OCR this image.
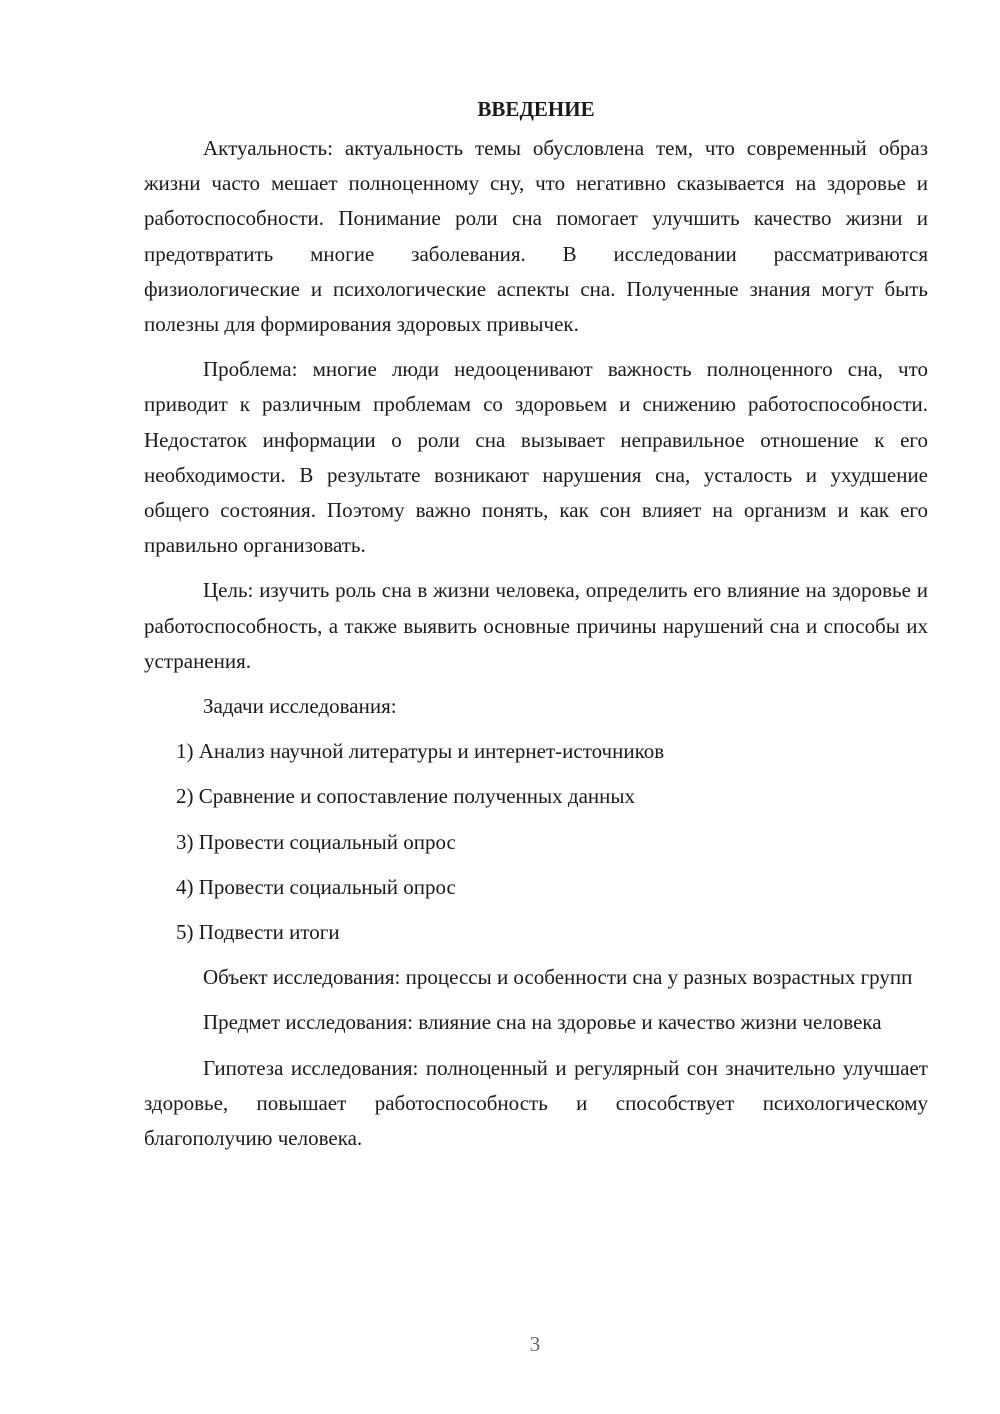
ВВЕДЕНИЕ

Актуальность: актуальность темы обусловлена тем, что современный образ жизни часто мешает полноценному сну, что негативно сказывается на здоровье и работоспособности. Понимание роли сна помогает улучшить качество жизни и предотвратить многие заболевания. В исследовании рассматриваются физиологические и психологические аспекты сна. Полученные знания могут быть полезны для формирования здоровых привычек.

Проблема: многие люди недооценивают важность полноценного сна, что приводит к различным проблемам со здоровьем и снижению работоспособности. Недостаток информации о роли сна вызывает неправильное отношение к его необходимости. В результате возникают нарушения сна, усталость и ухудшение общего состояния. Поэтому важно понять, как сон влияет на организм и как его правильно организовать.

Цель: изучить роль сна в жизни человека, определить его влияние на здоровье и работоспособность, а также выявить основные причины нарушений сна и способы их устранения.

Задачи исследования:

1) Анализ научной литературы и интернет-источников
2) Сравнение и сопоставление полученных данных
3) Провести социальный опрос
4) Провести социальный опрос
5) Подвести итоги

Объект исследования: процессы и особенности сна у разных возрастных групп

Предмет исследования: влияние сна на здоровье и качество жизни человека

Гипотеза исследования: полноценный и регулярный сон значительно улучшает здоровье, повышает работоспособность и способствует психологическому благополучию человека.

3
